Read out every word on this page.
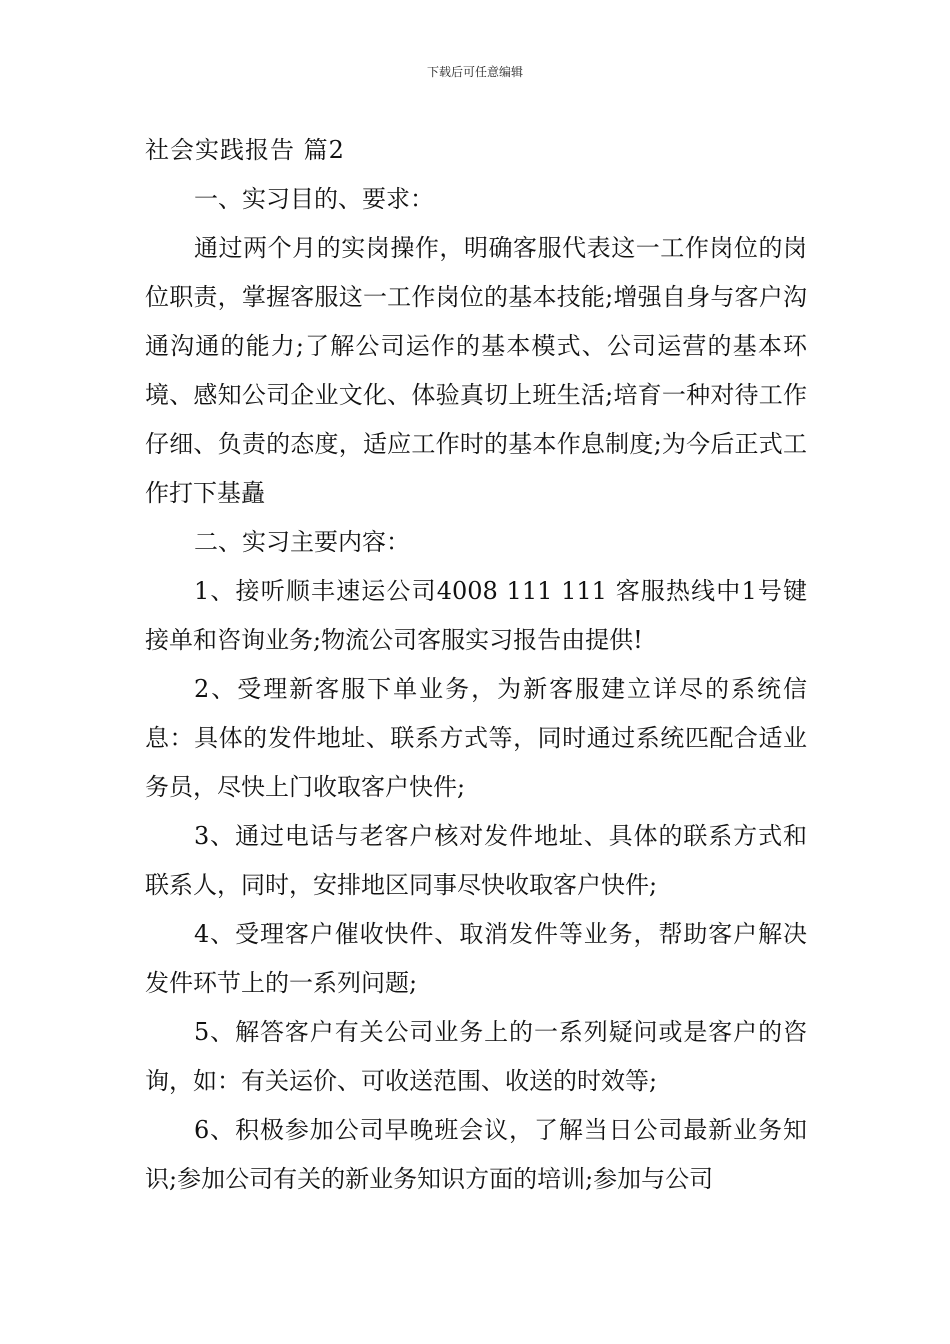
下载后可任意编辑
社会实践报告 篇2

一、实习目的、要求：

通过两个月的实岗操作，明确客服代表这一工作岗位的岗位职责，掌握客服这一工作岗位的基本技能;增强自身与客户沟通沟通的能力;了解公司运作的基本模式、公司运营的基本环境、感知公司企业文化、体验真切上班生活;培育一种对待工作仔细、负责的态度，适应工作时的基本作息制度;为今后正式工作打下基矗

二、实习主要内容：

1、接听顺丰速运公司4008 111 111 客服热线中1号键接单和咨询业务;物流公司客服实习报告由提供!

2、受理新客服下单业务，为新客服建立详尽的系统信息：具体的发件地址、联系方式等，同时通过系统匹配合适业务员，尽快上门收取客户快件;

3、通过电话与老客户核对发件地址、具体的联系方式和联系人，同时，安排地区同事尽快收取客户快件;

4、受理客户催收快件、取消发件等业务，帮助客户解决发件环节上的一系列问题;

5、解答客户有关公司业务上的一系列疑问或是客户的咨询，如：有关运价、可收送范围、收送的时效等;

6、积极参加公司早晚班会议，了解当日公司最新业务知识;参加公司有关的新业务知识方面的培训;参加与公司
